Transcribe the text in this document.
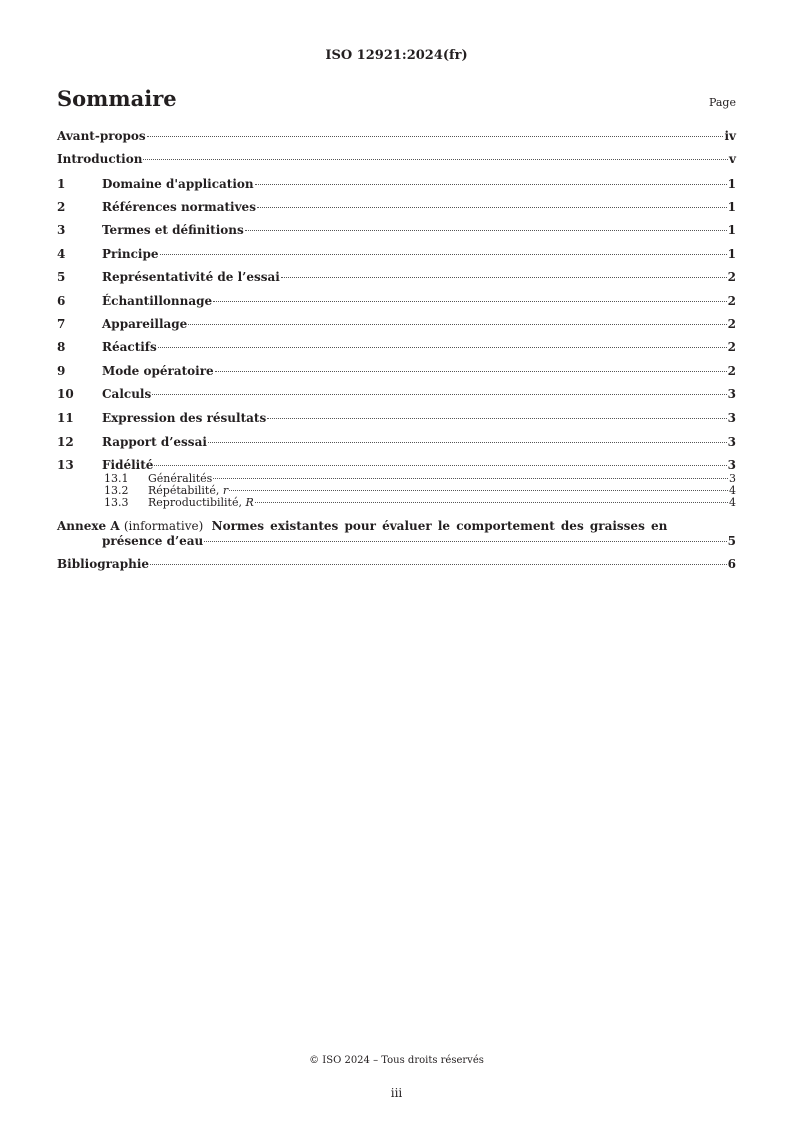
ISO 12921:2024(fr)
Sommaire	Page
Avant-propos	iv
Introduction	v
1	Domaine d'application	1
2	Références normatives	1
3	Termes et définitions	1
4	Principe	1
5	Représentativité de l’essai	2
6	Échantillonnage	2
7	Appareillage	2
8	Réactifs	2
9	Mode opératoire	2
10	Calculs	3
11	Expression des résultats	3
12	Rapport d’essai	3
13	Fidélité	3
13.1	Généralités	3
13.2	Répétabilité, r	4
13.3	Reproductibilité, R	4
Annexe A (informative) Normes existantes pour évaluer le comportement des graisses en
présence d’eau	5
Bibliographie	6
© ISO 2024 – Tous droits réservés
iii
